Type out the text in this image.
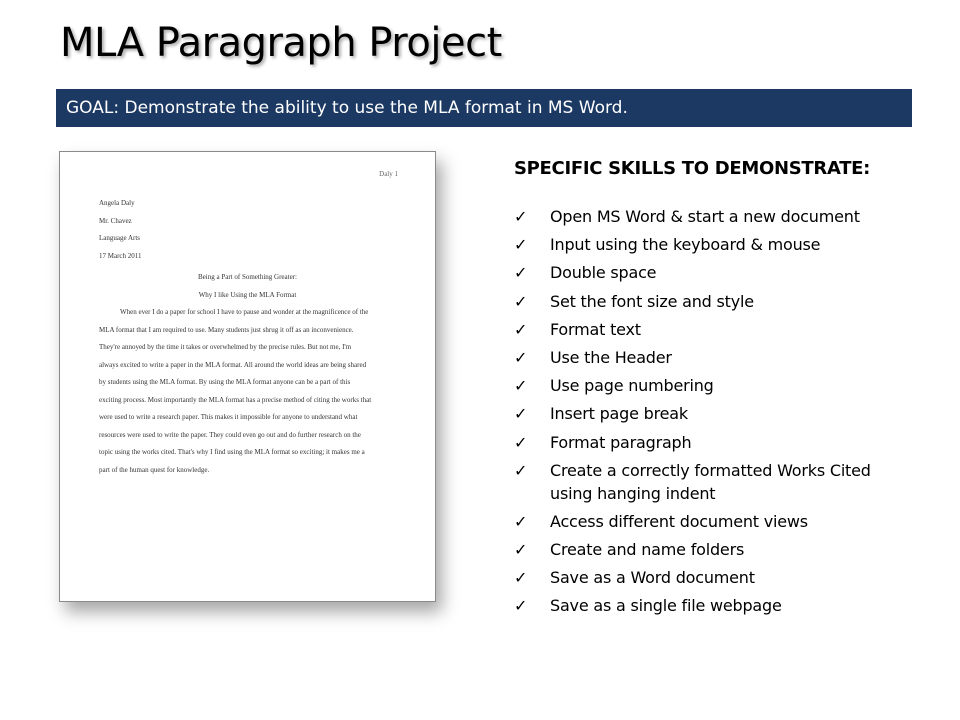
MLA Paragraph Project
GOAL: Demonstrate the ability to use the MLA format in MS Word.
Daly 1
Angela Daly
Mr. Chavez
Language Arts
17 March 2011
Being a Part of Something Greater:
Why I like Using the MLA Format
When ever I do a paper for school I have to pause and wonder at the magnificence of the
MLA format that I am required to use. Many students just shrug it off as an inconvenience.
They're annoyed by the time it takes or overwhelmed by the precise rules. But not me, I'm
always excited to write a paper in the MLA format. All around the world ideas are being shared
by students using the MLA format. By using the MLA format anyone can be a part of this
exciting process. Most importantly the MLA format has a precise method of citing the works that
were used to write a research paper. This makes it impossible for anyone to understand what
resources were used to write the paper. They could even go out and do further research on the
topic using the works cited. That's why I find using the MLA format so exciting; it makes me a
part of the human quest for knowledge.
SPECIFIC SKILLS TO DEMONSTRATE:
✓ Open MS Word & start a new document
✓ Input using the keyboard & mouse
✓ Double space
✓ Set the font size and style
✓ Format text
✓ Use the Header
✓ Use page numbering
✓ Insert page break
✓ Format paragraph
✓ Create a correctly formatted Works Cited using hanging indent
✓ Access different document views
✓ Create and name folders
✓ Save as a Word document
✓ Save as a single file webpage
